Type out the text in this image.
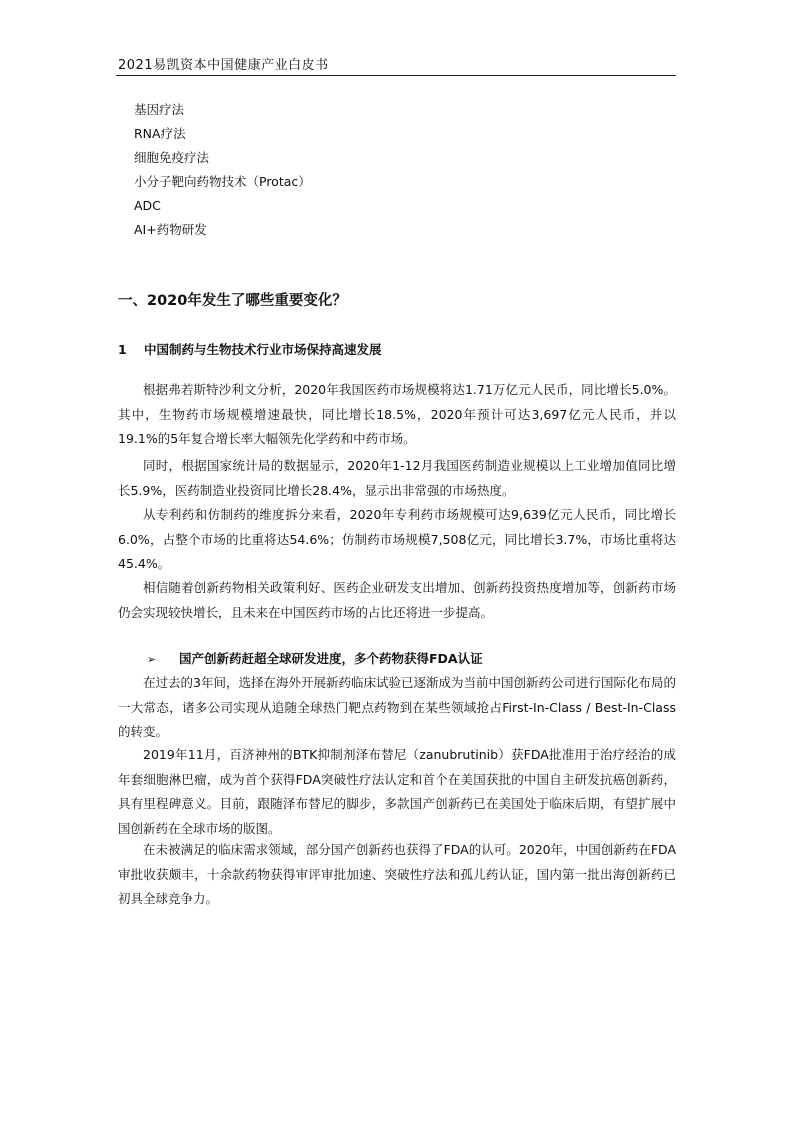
2021易凯资本中国健康产业白皮书
基因疗法
RNA疗法
细胞免疫疗法
小分子靶向药物技术（Protac）
ADC
AI+药物研发
一、2020年发生了哪些重要变化？
1 中国制药与生物技术行业市场保持高速发展

根据弗若斯特沙利文分析，2020年我国医药市场规模将达1.71万亿元人民币，同比增长5.0%。其中，生物药市场规模增速最快，同比增长18.5%，2020年预计可达3,697亿元人民币，并以19.1%的5年复合增长率大幅领先化学药和中药市场。

同时，根据国家统计局的数据显示，2020年1-12月我国医药制造业规模以上工业增加值同比增长5.9%，医药制造业投资同比增长28.4%，显示出非常强的市场热度。

从专利药和仿制药的维度拆分来看，2020年专利药市场规模可达9,639亿元人民币，同比增长6.0%，占整个市场的比重将达54.6%；仿制药市场规模7,508亿元，同比增长3.7%，市场比重将达45.4%。

相信随着创新药物相关政策利好、医药企业研发支出增加、创新药投资热度增加等，创新药市场仍会实现较快增长，且未来在中国医药市场的占比还将进一步提高。

➢ 国产创新药赶超全球研发进度，多个药物获得FDA认证

在过去的3年间，选择在海外开展新药临床试验已逐渐成为当前中国创新药公司进行国际化布局的一大常态，诸多公司实现从追随全球热门靶点药物到在某些领域抢占First-In-Class / Best-In-Class的转变。

2019年11月，百济神州的BTK抑制剂泽布替尼（zanubrutinib）获FDA批准用于治疗经治的成年套细胞淋巴瘤，成为首个获得FDA突破性疗法认定和首个在美国获批的中国自主研发抗癌创新药，具有里程碑意义。目前，跟随泽布替尼的脚步，多款国产创新药已在美国处于临床后期，有望扩展中国创新药在全球市场的版图。

在未被满足的临床需求领域，部分国产创新药也获得了FDA的认可。2020年，中国创新药在FDA审批收获颇丰，十余款药物获得审评审批加速、突破性疗法和孤儿药认证，国内第一批出海创新药已初具全球竞争力。
